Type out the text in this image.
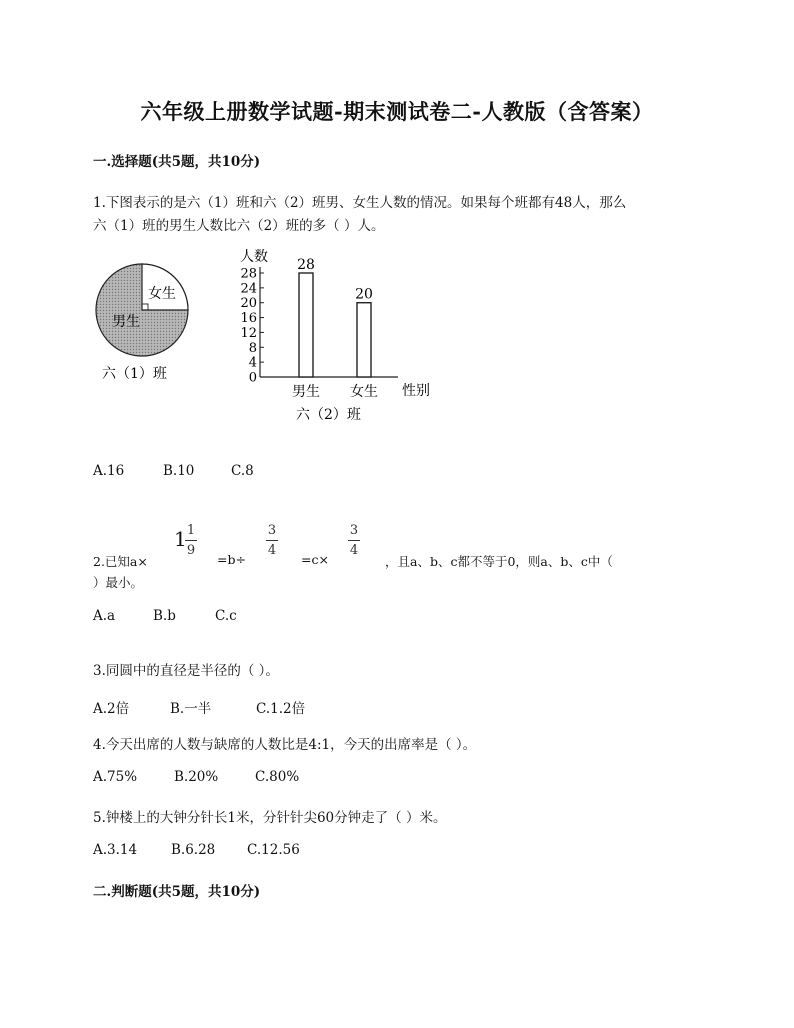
六年级上册数学试题-期末测试卷二-人教版（含答案）
一.选择题(共5题，共10分)
1.下图表示的是六（1）班和六（2）班男、女生人数的情况。如果每个班都有48人，那么
六（1）班的男生人数比六（2）班的多（ ）人。
女生
男生
六（1）班
人数
0
4
8
12
16
20
24
28
28
男生
20
女生 性别
六（2）班
A.16	B.10	C.8
1 1
9
3
4
3
4
2.已知a×	=b÷	=c×	，且a、b、c都不等于0，则a、b、c中（
）最小。
A.a	B.b	C.c
3.同圆中的直径是半径的（ ）。
A.2倍	B.一半	C.1.2倍
4.今天出席的人数与缺席的人数比是4:1，今天的出席率是（ ）。
A.75%	B.20%	C.80%
5.钟楼上的大钟分针长1米，分针针尖60分钟走了（ ）米。
A.3.14	B.6.28 C.12.56
二.判断题(共5题，共10分)
